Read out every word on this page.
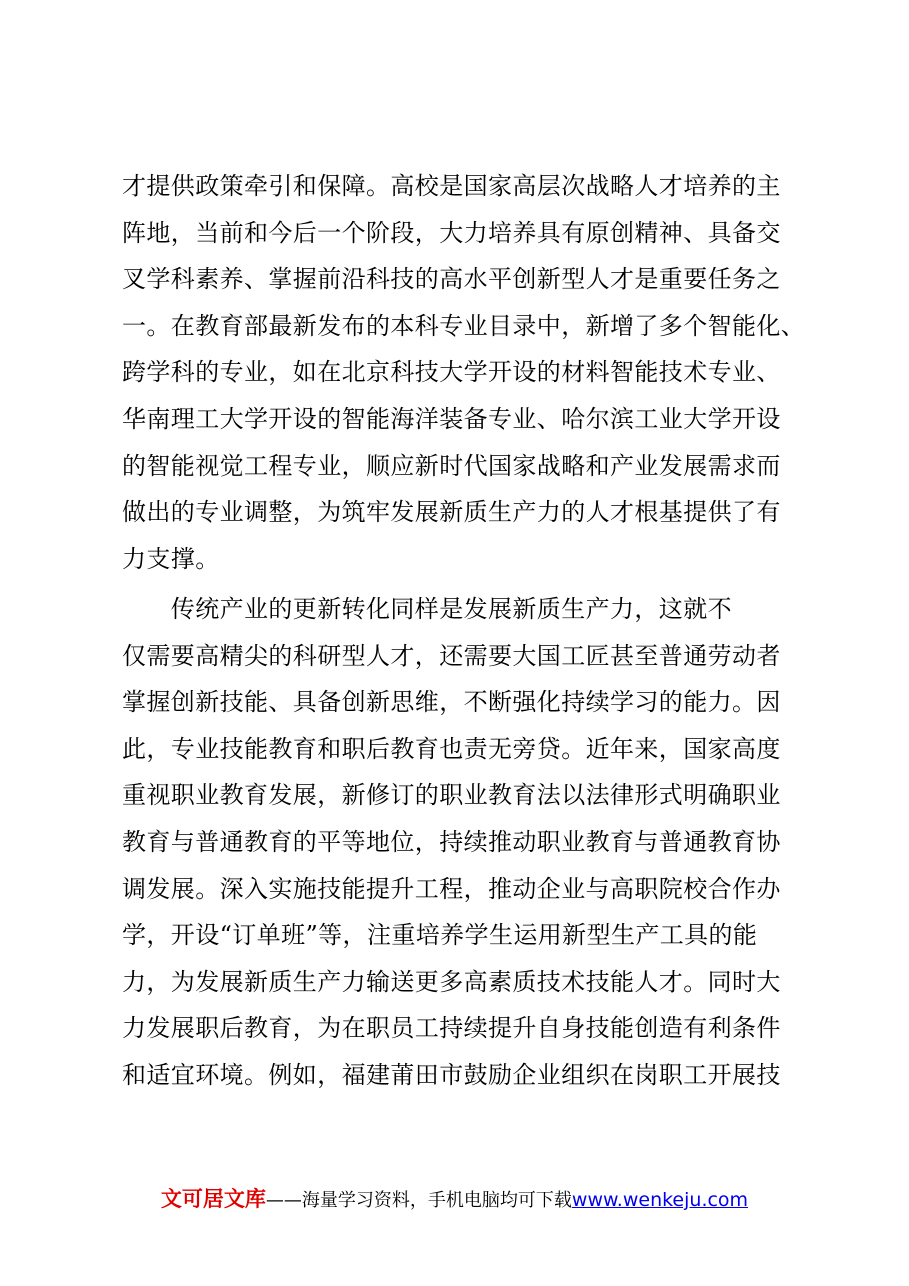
才提供政策牵引和保障。高校是国家高层次战略人才培养的主
阵地，当前和今后一个阶段，大力培养具有原创精神、具备交
叉学科素养、掌握前沿科技的高水平创新型人才是重要任务之
一。在教育部最新发布的本科专业目录中，新增了多个智能化、
跨学科的专业，如在北京科技大学开设的材料智能技术专业、
华南理工大学开设的智能海洋装备专业、哈尔滨工业大学开设
的智能视觉工程专业，顺应新时代国家战略和产业发展需求而
做出的专业调整，为筑牢发展新质生产力的人才根基提供了有
力支撑。
　　传统产业的更新转化同样是发展新质生产力，这就不
仅需要高精尖的科研型人才，还需要大国工匠甚至普通劳动者
掌握创新技能、具备创新思维，不断强化持续学习的能力。因
此，专业技能教育和职后教育也责无旁贷。近年来，国家高度
重视职业教育发展，新修订的职业教育法以法律形式明确职业
教育与普通教育的平等地位，持续推动职业教育与普通教育协
调发展。深入实施技能提升工程，推动企业与高职院校合作办
学，开设“订单班”等，注重培养学生运用新型生产工具的能
力，为发展新质生产力输送更多高素质技术技能人才。同时大
力发展职后教育，为在职员工持续提升自身技能创造有利条件
和适宜环境。例如，福建莆田市鼓励企业组织在岗职工开展技
文可居文库——海量学习资料，手机电脑均可下载www.wenkeju.com
